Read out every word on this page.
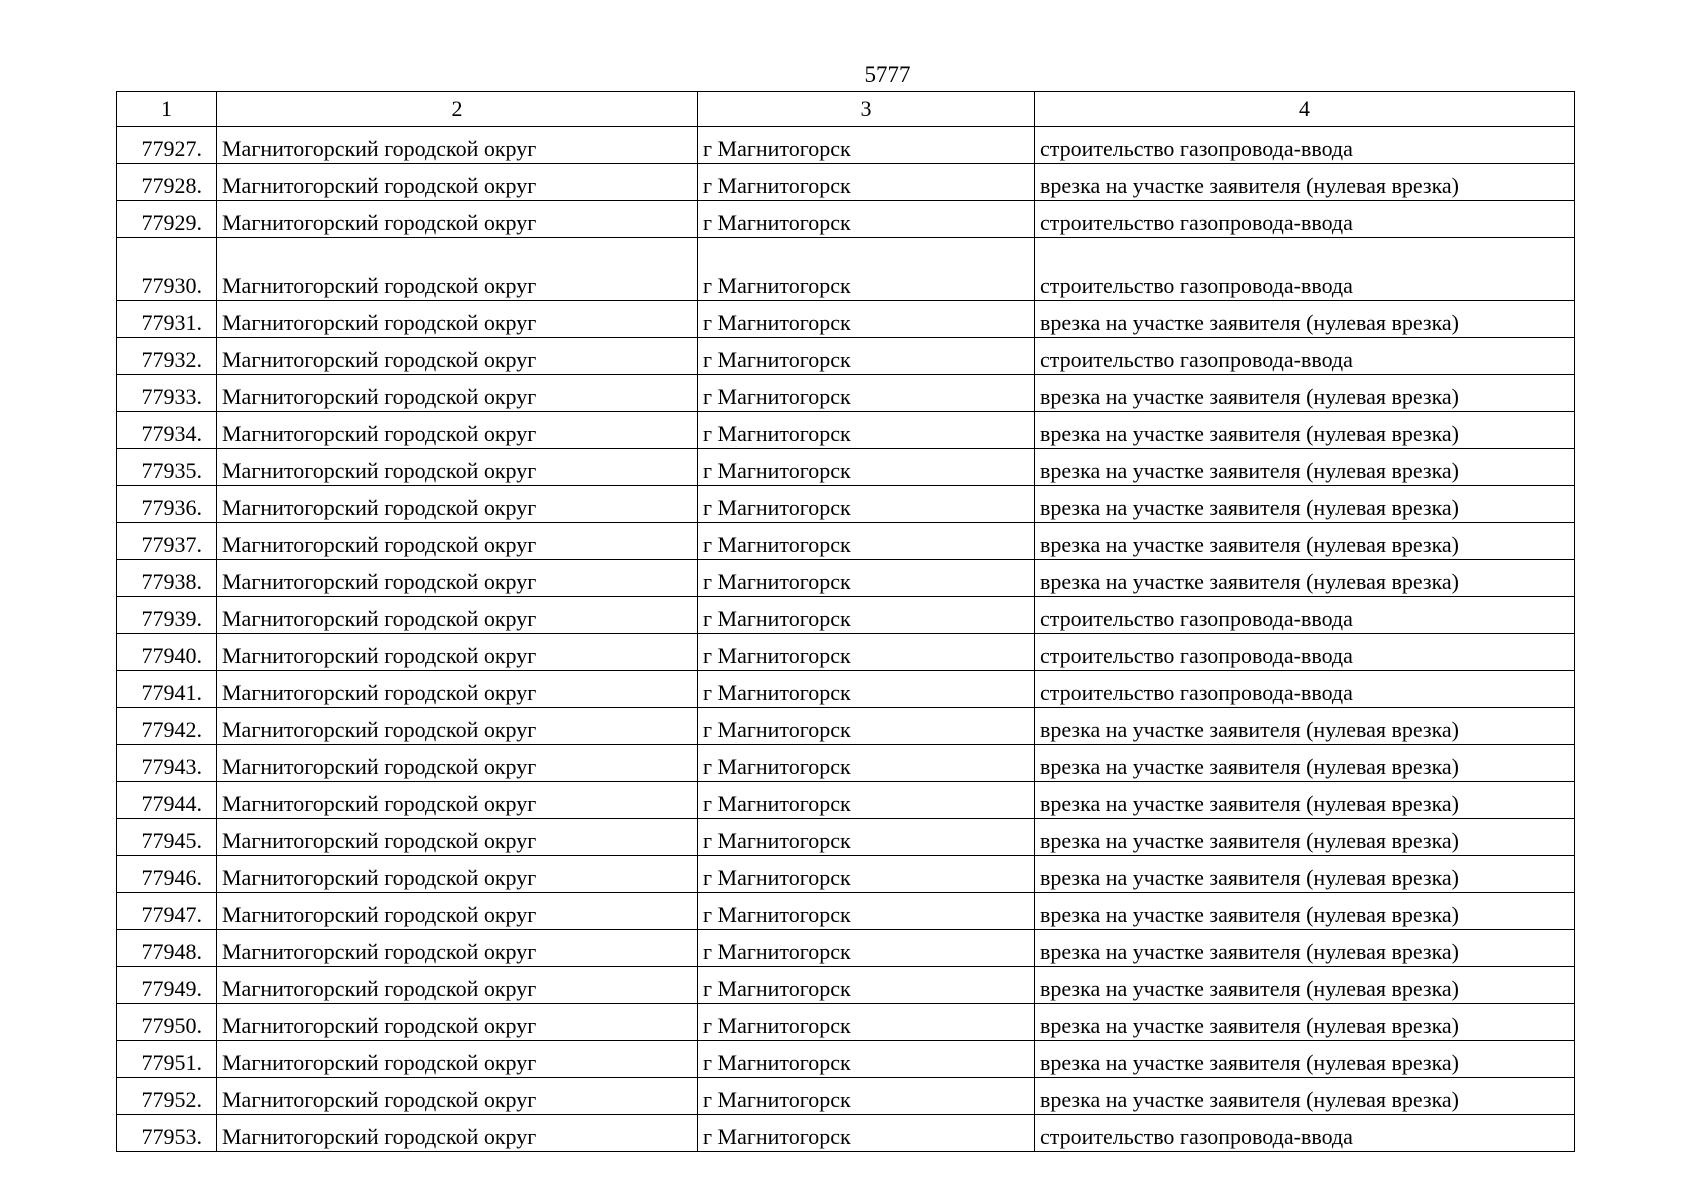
5777
1	2	3	4
77927.	Магнитогорский городской округ	г Магнитогорск	строительство газопровода-ввода
77928.	Магнитогорский городской округ	г Магнитогорск	врезка на участке заявителя (нулевая врезка)
77929.	Магнитогорский городской округ	г Магнитогорск	строительство газопровода-ввода
77930.	Магнитогорский городской округ	г Магнитогорск	строительство газопровода-ввода
77931.	Магнитогорский городской округ	г Магнитогорск	врезка на участке заявителя (нулевая врезка)
77932.	Магнитогорский городской округ	г Магнитогорск	строительство газопровода-ввода
77933.	Магнитогорский городской округ	г Магнитогорск	врезка на участке заявителя (нулевая врезка)
77934.	Магнитогорский городской округ	г Магнитогорск	врезка на участке заявителя (нулевая врезка)
77935.	Магнитогорский городской округ	г Магнитогорск	врезка на участке заявителя (нулевая врезка)
77936.	Магнитогорский городской округ	г Магнитогорск	врезка на участке заявителя (нулевая врезка)
77937.	Магнитогорский городской округ	г Магнитогорск	врезка на участке заявителя (нулевая врезка)
77938.	Магнитогорский городской округ	г Магнитогорск	врезка на участке заявителя (нулевая врезка)
77939.	Магнитогорский городской округ	г Магнитогорск	строительство газопровода-ввода
77940.	Магнитогорский городской округ	г Магнитогорск	строительство газопровода-ввода
77941.	Магнитогорский городской округ	г Магнитогорск	строительство газопровода-ввода
77942.	Магнитогорский городской округ	г Магнитогорск	врезка на участке заявителя (нулевая врезка)
77943.	Магнитогорский городской округ	г Магнитогорск	врезка на участке заявителя (нулевая врезка)
77944.	Магнитогорский городской округ	г Магнитогорск	врезка на участке заявителя (нулевая врезка)
77945.	Магнитогорский городской округ	г Магнитогорск	врезка на участке заявителя (нулевая врезка)
77946.	Магнитогорский городской округ	г Магнитогорск	врезка на участке заявителя (нулевая врезка)
77947.	Магнитогорский городской округ	г Магнитогорск	врезка на участке заявителя (нулевая врезка)
77948.	Магнитогорский городской округ	г Магнитогорск	врезка на участке заявителя (нулевая врезка)
77949.	Магнитогорский городской округ	г Магнитогорск	врезка на участке заявителя (нулевая врезка)
77950.	Магнитогорский городской округ	г Магнитогорск	врезка на участке заявителя (нулевая врезка)
77951.	Магнитогорский городской округ	г Магнитогорск	врезка на участке заявителя (нулевая врезка)
77952.	Магнитогорский городской округ	г Магнитогорск	врезка на участке заявителя (нулевая врезка)
77953.	Магнитогорский городской округ	г Магнитогорск	строительство газопровода-ввода
